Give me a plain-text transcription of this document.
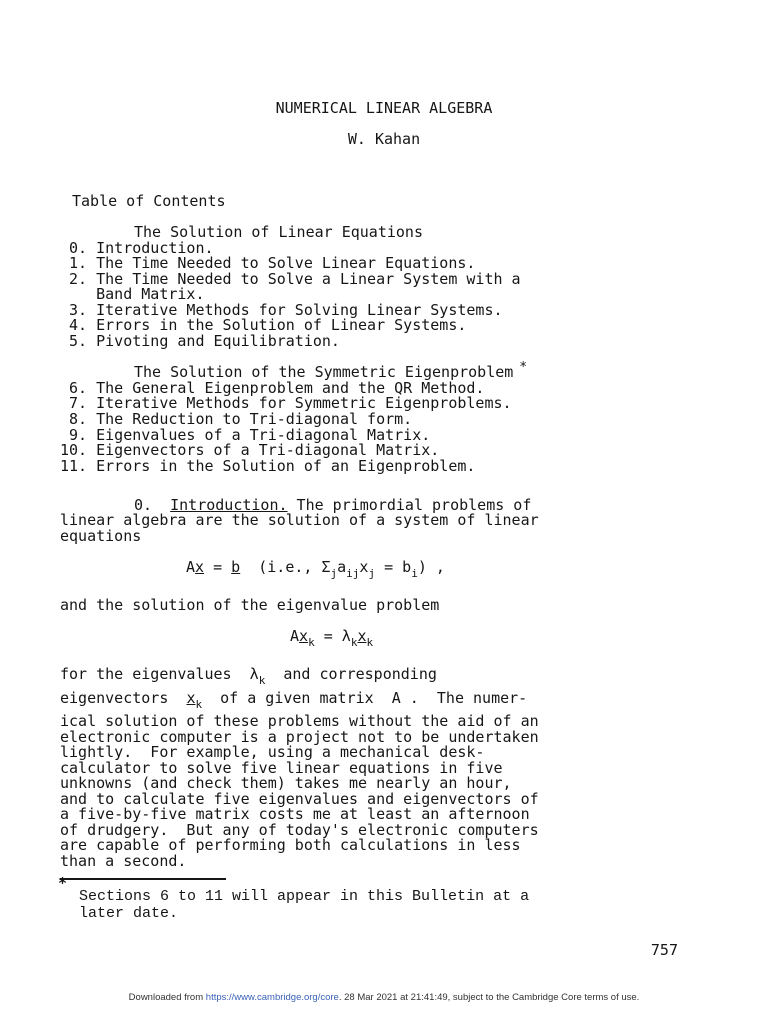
NUMERICAL LINEAR ALGEBRA
W. Kahan
Table of Contents
The Solution of Linear Equations
0. Introduction.
1. The Time Needed to Solve Linear Equations.
2. The Time Needed to Solve a Linear System with a
Band Matrix.
3. Iterative Methods for Solving Linear Systems.
4. Errors in the Solution of Linear Systems.
5. Pivoting and Equilibration.
The Solution of the Symmetric Eigenproblem *
6. The General Eigenproblem and the QR Method.
7. Iterative Methods for Symmetric Eigenproblems.
8. The Reduction to Tri-diagonal form.
9. Eigenvalues of a Tri-diagonal Matrix.
10. Eigenvectors of a Tri-diagonal Matrix.
11. Errors in the Solution of an Eigenproblem.
0. Introduction. The primordial problems of
linear algebra are the solution of a system of linear
equations
Ax = b  (i.e., $\Sigma_ja_{ij}x_j = b_i$) ,
and the solution of the eigenvalue problem
$Ax_k = \lambda_kx_k$
for the eigenvalues  $\lambda_k$  and corresponding
eigenvectors  $x_k$  of a given matrix  A .  The numer-
ical solution of these problems without the aid of an
electronic computer is a project not to be undertaken
lightly.  For example, using a mechanical desk-
calculator to solve five linear equations in five
unknowns (and check them) takes me nearly an hour,
and to calculate five eigenvalues and eigenvectors of
a five-by-five matrix costs me at least an afternoon
of drudgery.  But any of today's electronic computers
are capable of performing both calculations in less
than a second.
*
Sections 6 to 11 will appear in this Bulletin at a
later date.
757
Downloaded from https://www.cambridge.org/core. 28 Mar 2021 at 21:41:49, subject to the Cambridge Core terms of use.
